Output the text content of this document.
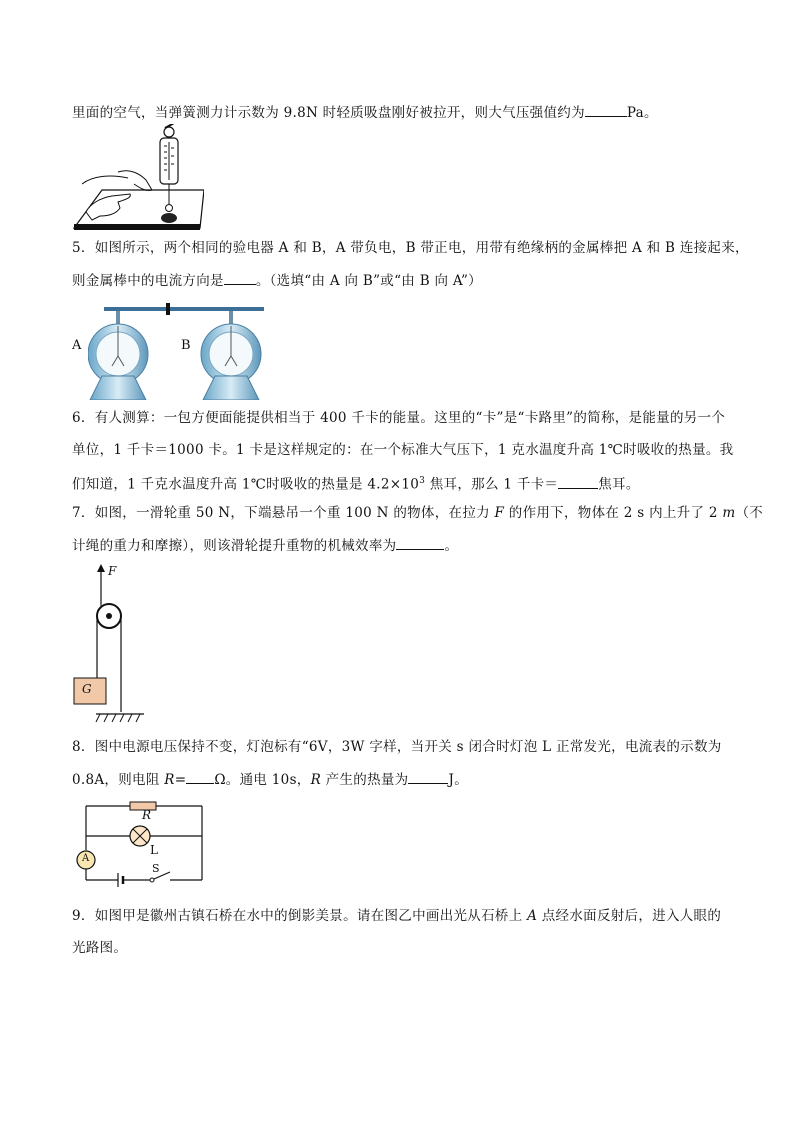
里面的空气，当弹簧测力计示数为 9.8N 时轻质吸盘刚好被拉开，则大气压强值约为	Pa。
5．如图所示，两个相同的验电器 A 和 B，A 带负电，B 带正电，用带有绝缘柄的金属棒把 A 和 B 连接起来，
则金属棒中的电流方向是 。（选填“由 A 向 B”或“由 B 向 A”）
A	B
6．有人测算：一包方便面能提供相当于 400 千卡的能量。这里的“卡”是“卡路里”的简称，是能量的另一个
单位，1 千卡＝1000 卡。1 卡是这样规定的：在一个标准大气压下，1 克水温度升高 1℃时吸收的热量。我
们知道，1 千克水温度升高 1℃时吸收的热量是 $4.2\times 10^3$ 焦耳，那么 1 千卡＝	焦耳。
7．如图，一滑轮重 50 N，下端悬吊一个重 100 N 的物体，在拉力 F 的作用下，物体在 2 s 内上升了 2 m（不
计绳的重力和摩擦），则该滑轮提升重物的机械效率为	。
F
G
8．图中电源电压保持不变，灯泡标有“6V，3W 字样，当开关 s 闭合时灯泡 L 正常发光，电流表的示数为
0.8A，则电阻 R= Ω。通电 10s，R 产生的热量为	J。
R
L
S
A
9．如图甲是徽州古镇石桥在水中的倒影美景。请在图乙中画出光从石桥上 A 点经水面反射后，进入人眼的
光路图。
